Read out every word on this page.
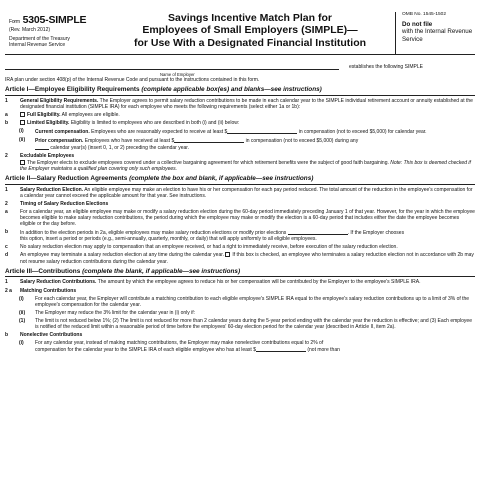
Form 5305-SIMPLE
(Rev. March 2012)
Department of the Treasury
Internal Revenue Service
Savings Incentive Match Plan for
Employees of Small Employers (SIMPLE)—
for Use With a Designated Financial Institution
OMB No. 1545-1502
Do not file
with the Internal Revenue Service
establishes the following SIMPLE
Name of Employer
IRA plan under section 408(p) of the Internal Revenue Code and pursuant to the instructions contained in this form.
Article I—Employee Eligibility Requirements (complete applicable box(es) and blanks—see instructions)
1	General Eligibility Requirements. The Employer agrees to permit salary reduction contributions to be made in each calendar year to the SIMPLE individual retirement account or annuity established at the designated financial institution (SIMPLE IRA) for each employee who meets the following requirements (select either 1a or 1b):
a	Full Eligibility. All employees are eligible.
b	Limited Eligibility. Eligibility is limited to employees who are described in both (i) and (ii) below:
(i)	Current compensation. Employees who are reasonably expected to receive at least $	in compensation (not to exceed $5,000) for calendar year.
(ii)	Prior compensation. Employees who have received at least $	in compensation (not to exceed $5,000) during any
calendar year(s) (insert 0, 1, or 2) preceding the calendar year.
2	Excludable Employees
The Employer elects to exclude employees covered under a collective bargaining agreement for which retirement benefits were the subject of good faith bargaining. Note: This box is deemed checked if the Employer maintains a qualified plan covering only such employees.
Article II—Salary Reduction Agreements (complete the box and blank, if applicable—see instructions)
1	Salary Reduction Election. An eligible employee may make an election to have his or her compensation for each pay period reduced. The total amount of the reduction in the employee's compensation for a calendar year cannot exceed the applicable amount for that year. See instructions.
2	Timing of Salary Reduction Elections
a	For a calendar year, an eligible employee may make or modify a salary reduction election during the 60-day period immediately preceding January 1 of that year. However, for the year in which the employee becomes eligible to make salary reduction contributions, the period during which the employee may make or modify the election is a 60-day period that includes either the date the employee becomes eligible or the day before.
b	In addition to the election periods in 2a, eligible employees may make salary reduction elections or modify prior elections	. If the Employer chooses
this option, insert a period or periods (e.g., semi-annually, quarterly, monthly, or daily) that will apply uniformly to all eligible employees.
c	No salary reduction election may apply to compensation that an employee received, or had a right to immediately receive, before execution of the salary reduction election.
d	An employee may terminate a salary reduction election at any time during the calendar year. If this box is checked, an employee who terminates a salary reduction election not in accordance with 2b may not resume salary reduction contributions during the calendar year.
Article III—Contributions (complete the blank, if applicable—see instructions)
1	Salary Reduction Contributions. The amount by which the employee agrees to reduce his or her compensation will be contributed by the Employer to the employee's SIMPLE IRA.
2 a	Matching Contributions
(i)	For each calendar year, the Employer will contribute a matching contribution to each eligible employee's SIMPLE IRA equal to the employee's salary reduction contributions up to a limit of 3% of the employee's compensation for the calendar year.
(ii)	The Employer may reduce the 3% limit for the calendar year in (i) only if:
(1)	The limit is not reduced below 1%; (2) The limit is not reduced for more than 2 calendar years during the 5-year period ending with the calendar year the reduction is effective; and (3) Each employee is notified of the reduced limit within a reasonable period of time before the employees' 60-day election period for the calendar year (described in Article II, item 2a).
b	Nonelective Contributions
(i)	For any calendar year, instead of making matching contributions, the Employer may make nonelective contributions equal to 2% of
compensation for the calendar year to the SIMPLE IRA of each eligible employee who has at least $	(not more than
